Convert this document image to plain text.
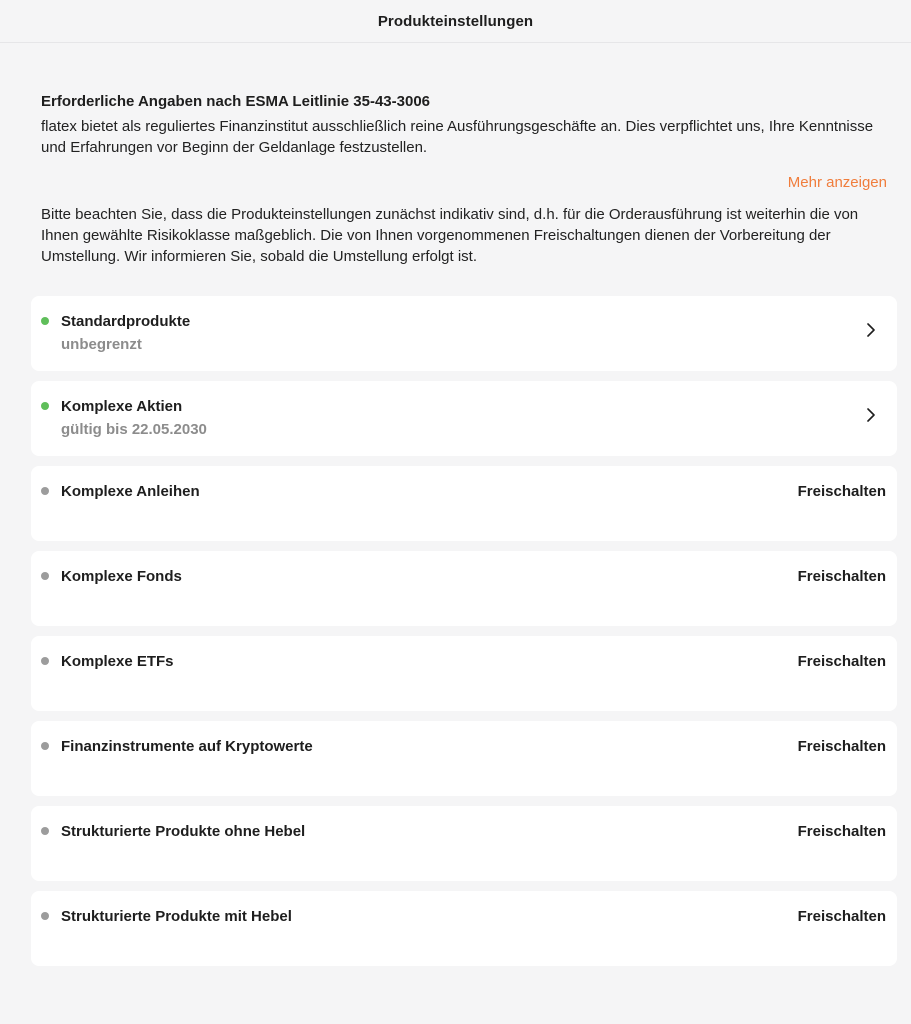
Produkteinstellungen
Erforderliche Angaben nach ESMA Leitlinie 35-43-3006
flatex bietet als reguliertes Finanzinstitut ausschließlich reine Ausführungsgeschäfte an. Dies verpflichtet uns, Ihre Kenntnisse und Erfahrungen vor Beginn der Geldanlage festzustellen.
Mehr anzeigen
Bitte beachten Sie, dass die Produkteinstellungen zunächst indikativ sind, d.h. für die Orderausführung ist weiterhin die von Ihnen gewählte Risikoklasse maßgeblich. Die von Ihnen vorgenommenen Freischaltungen dienen der Vorbereitung der Umstellung. Wir informieren Sie, sobald die Umstellung erfolgt ist.
Standardprodukte
unbegrenzt
Komplexe Aktien
gültig bis 22.05.2030
Komplexe Anleihen	Freischalten
Komplexe Fonds	Freischalten
Komplexe ETFs	Freischalten
Finanzinstrumente auf Kryptowerte	Freischalten
Strukturierte Produkte ohne Hebel	Freischalten
Strukturierte Produkte mit Hebel	Freischalten
